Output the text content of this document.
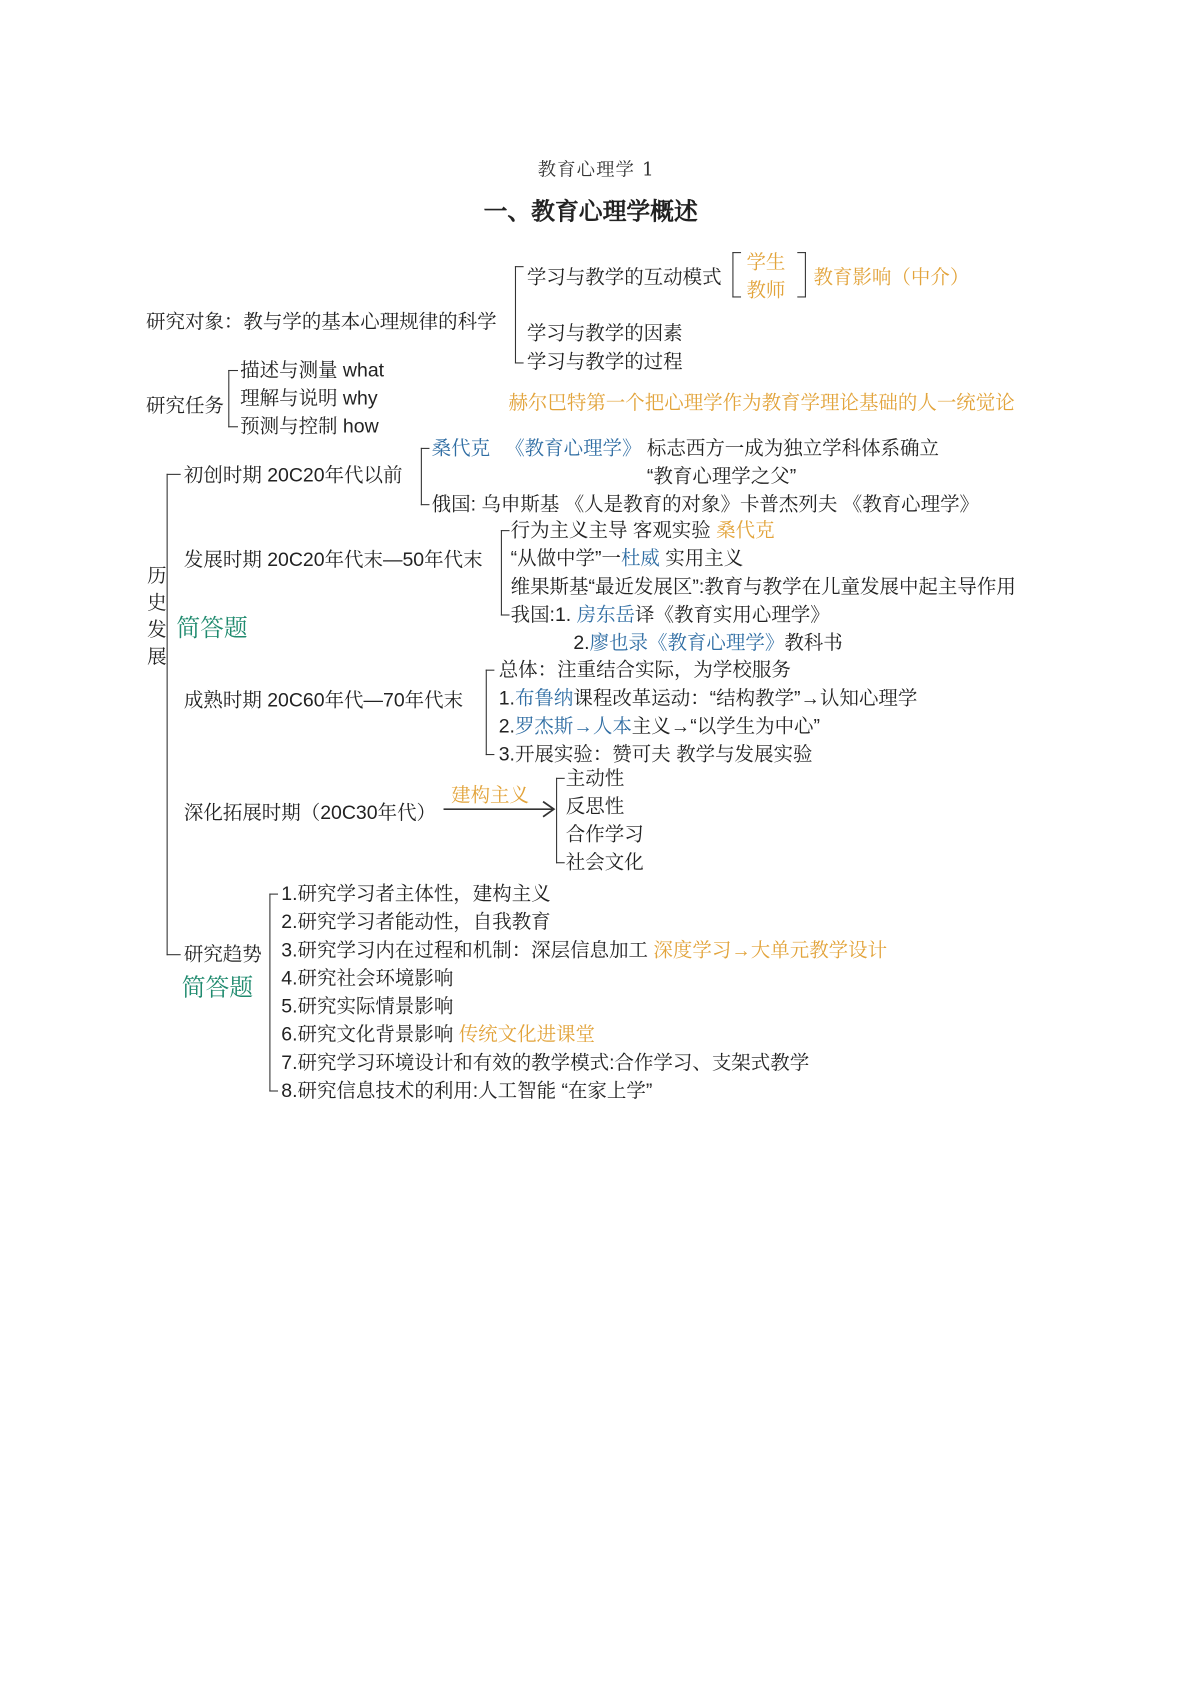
教育心理学 1
一、教育心理学概述
研究对象：教与学的基本心理规律的科学
学习与教学的互动模式
学生
教师
教育影响（中介）
学习与教学的因素
学习与教学的过程
研究任务
描述与测量 what
理解与说明 why
预测与控制 how
赫尔巴特第一个把心理学作为教育学理论基础的人一统觉论
历史发展 简答题
初创时期 20C20年代以前
桑代克 《教育心理学》 标志西方一成为独立学科体系确立
“教育心理学之父”
俄国: 乌申斯基 《人是教育的对象》卡普杰列夫 《教育心理学》
发展时期 20C20年代末—50年代末
行为主义主导 客观实验 桑代克
“从做中学”一杜威 实用主义
维果斯基“最近发展区”:教育与教学在儿童发展中起主导作用
我国:1. 房东岳译《教育实用心理学》
2.廖也录《教育心理学》教科书
成熟时期 20C60年代—70年代末
总体：注重结合实际，为学校服务
1.布鲁纳课程改革运动：“结构教学”→认知心理学
2.罗杰斯→人本主义→“以学生为中心”
3.开展实验：赞可夫 教学与发展实验
深化拓展时期（20C30年代）
建构主义
主动性
反思性
合作学习
社会文化
研究趋势
简答题
1.研究学习者主体性，建构主义
2.研究学习者能动性，自我教育
3.研究学习内在过程和机制：深层信息加工 深度学习→大单元教学设计
4.研究社会环境影响
5.研究实际情景影响
6.研究文化背景影响 传统文化进课堂
7.研究学习环境设计和有效的教学模式:合作学习、支架式教学
8.研究信息技术的利用:人工智能 “在家上学”
